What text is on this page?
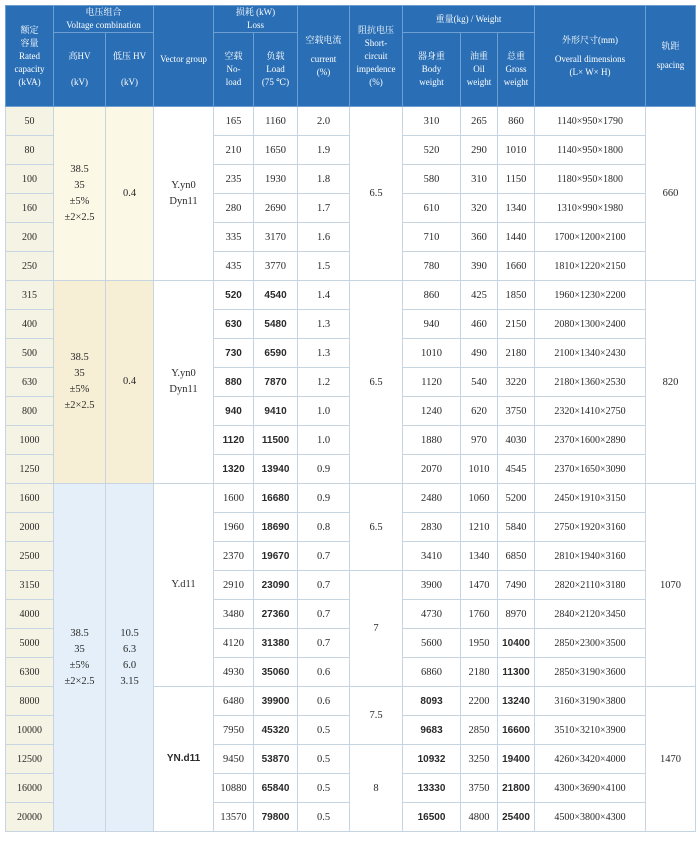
额定
容量
Rated
capacity
(kVA)	电压组合
Voltage combination		Vector group	损耗 (kW)
Loss		空载电流

current
(%)	阻抗电压
Short-
circuit
impedence
(%)	重量(kg) / Weight			外形尺寸(mm)

Overall dimensions
(L× W× H)	轨距

spacing

	高HV

(kV)	低压 HV

(kV)		空载
No-
load	负载
Load
(75 ℃)			器身重
Body
weight	油重
Oil
weight	总重
Gross
weight		

50	38.5
35
±5%
±2×2.5	0.4	Y.yn0
Dyn11	165	1160	2.0	6.5	310	265	860	1140×950×1790	660
80				210	1650	1.9		520	290	1010	1140×950×1800	
100				235	1930	1.8		580	310	1150	1180×950×1800	
160				280	2690	1.7		610	320	1340	1310×990×1980	
200				335	3170	1.6		710	360	1440	1700×1200×2100	
250				435	3770	1.5		780	390	1660	1810×1220×2150	
315	38.5
35
±5%
±2×2.5	0.4	Y.yn0
Dyn11	520	4540	1.4	6.5	860	425	1850	1960×1230×2200	820
400				630	5480	1.3		940	460	2150	2080×1300×2400	
500				730	6590	1.3		1010	490	2180	2100×1340×2430	
630				880	7870	1.2		1120	540	3220	2180×1360×2530	
800				940	9410	1.0		1240	620	3750	2320×1410×2750	
1000				1120	11500	1.0		1880	970	4030	2370×1600×2890	
1250				1320	13940	0.9		2070	1010	4545	2370×1650×3090	
1600	38.5
35
±5%
±2×2.5	10.5
6.3
6.0
3.15	Y.d11	1600	16680	0.9	6.5	2480	1060	5200	2450×1910×3150	1070
2000				1960	18690	0.8		2830	1210	5840	2750×1920×3160	
2500				2370	19670	0.7		3410	1340	6850	2810×1940×3160	
3150				2910	23090	0.7	7	3900	1470	7490	2820×2110×3180	
4000				3480	27360	0.7		4730	1760	8970	2840×2120×3450	
5000				4120	31380	0.7		5600	1950	10400	2850×2300×3500	
6300				4930	35060	0.6		6860	2180	11300	2850×3190×3600	
8000			YN.d11	6480	39900	0.6	7.5	8093	2200	13240	3160×3190×3800	1470
10000				7950	45320	0.5		9683	2850	16600	3510×3210×3900	
12500				9450	53870	0.5	8	10932	3250	19400	4260×3420×4000	
16000				10880	65840	0.5		13330	3750	21800	4300×3690×4100	
20000				13570	79800	0.5		16500	4800	25400	4500×3800×4300	
